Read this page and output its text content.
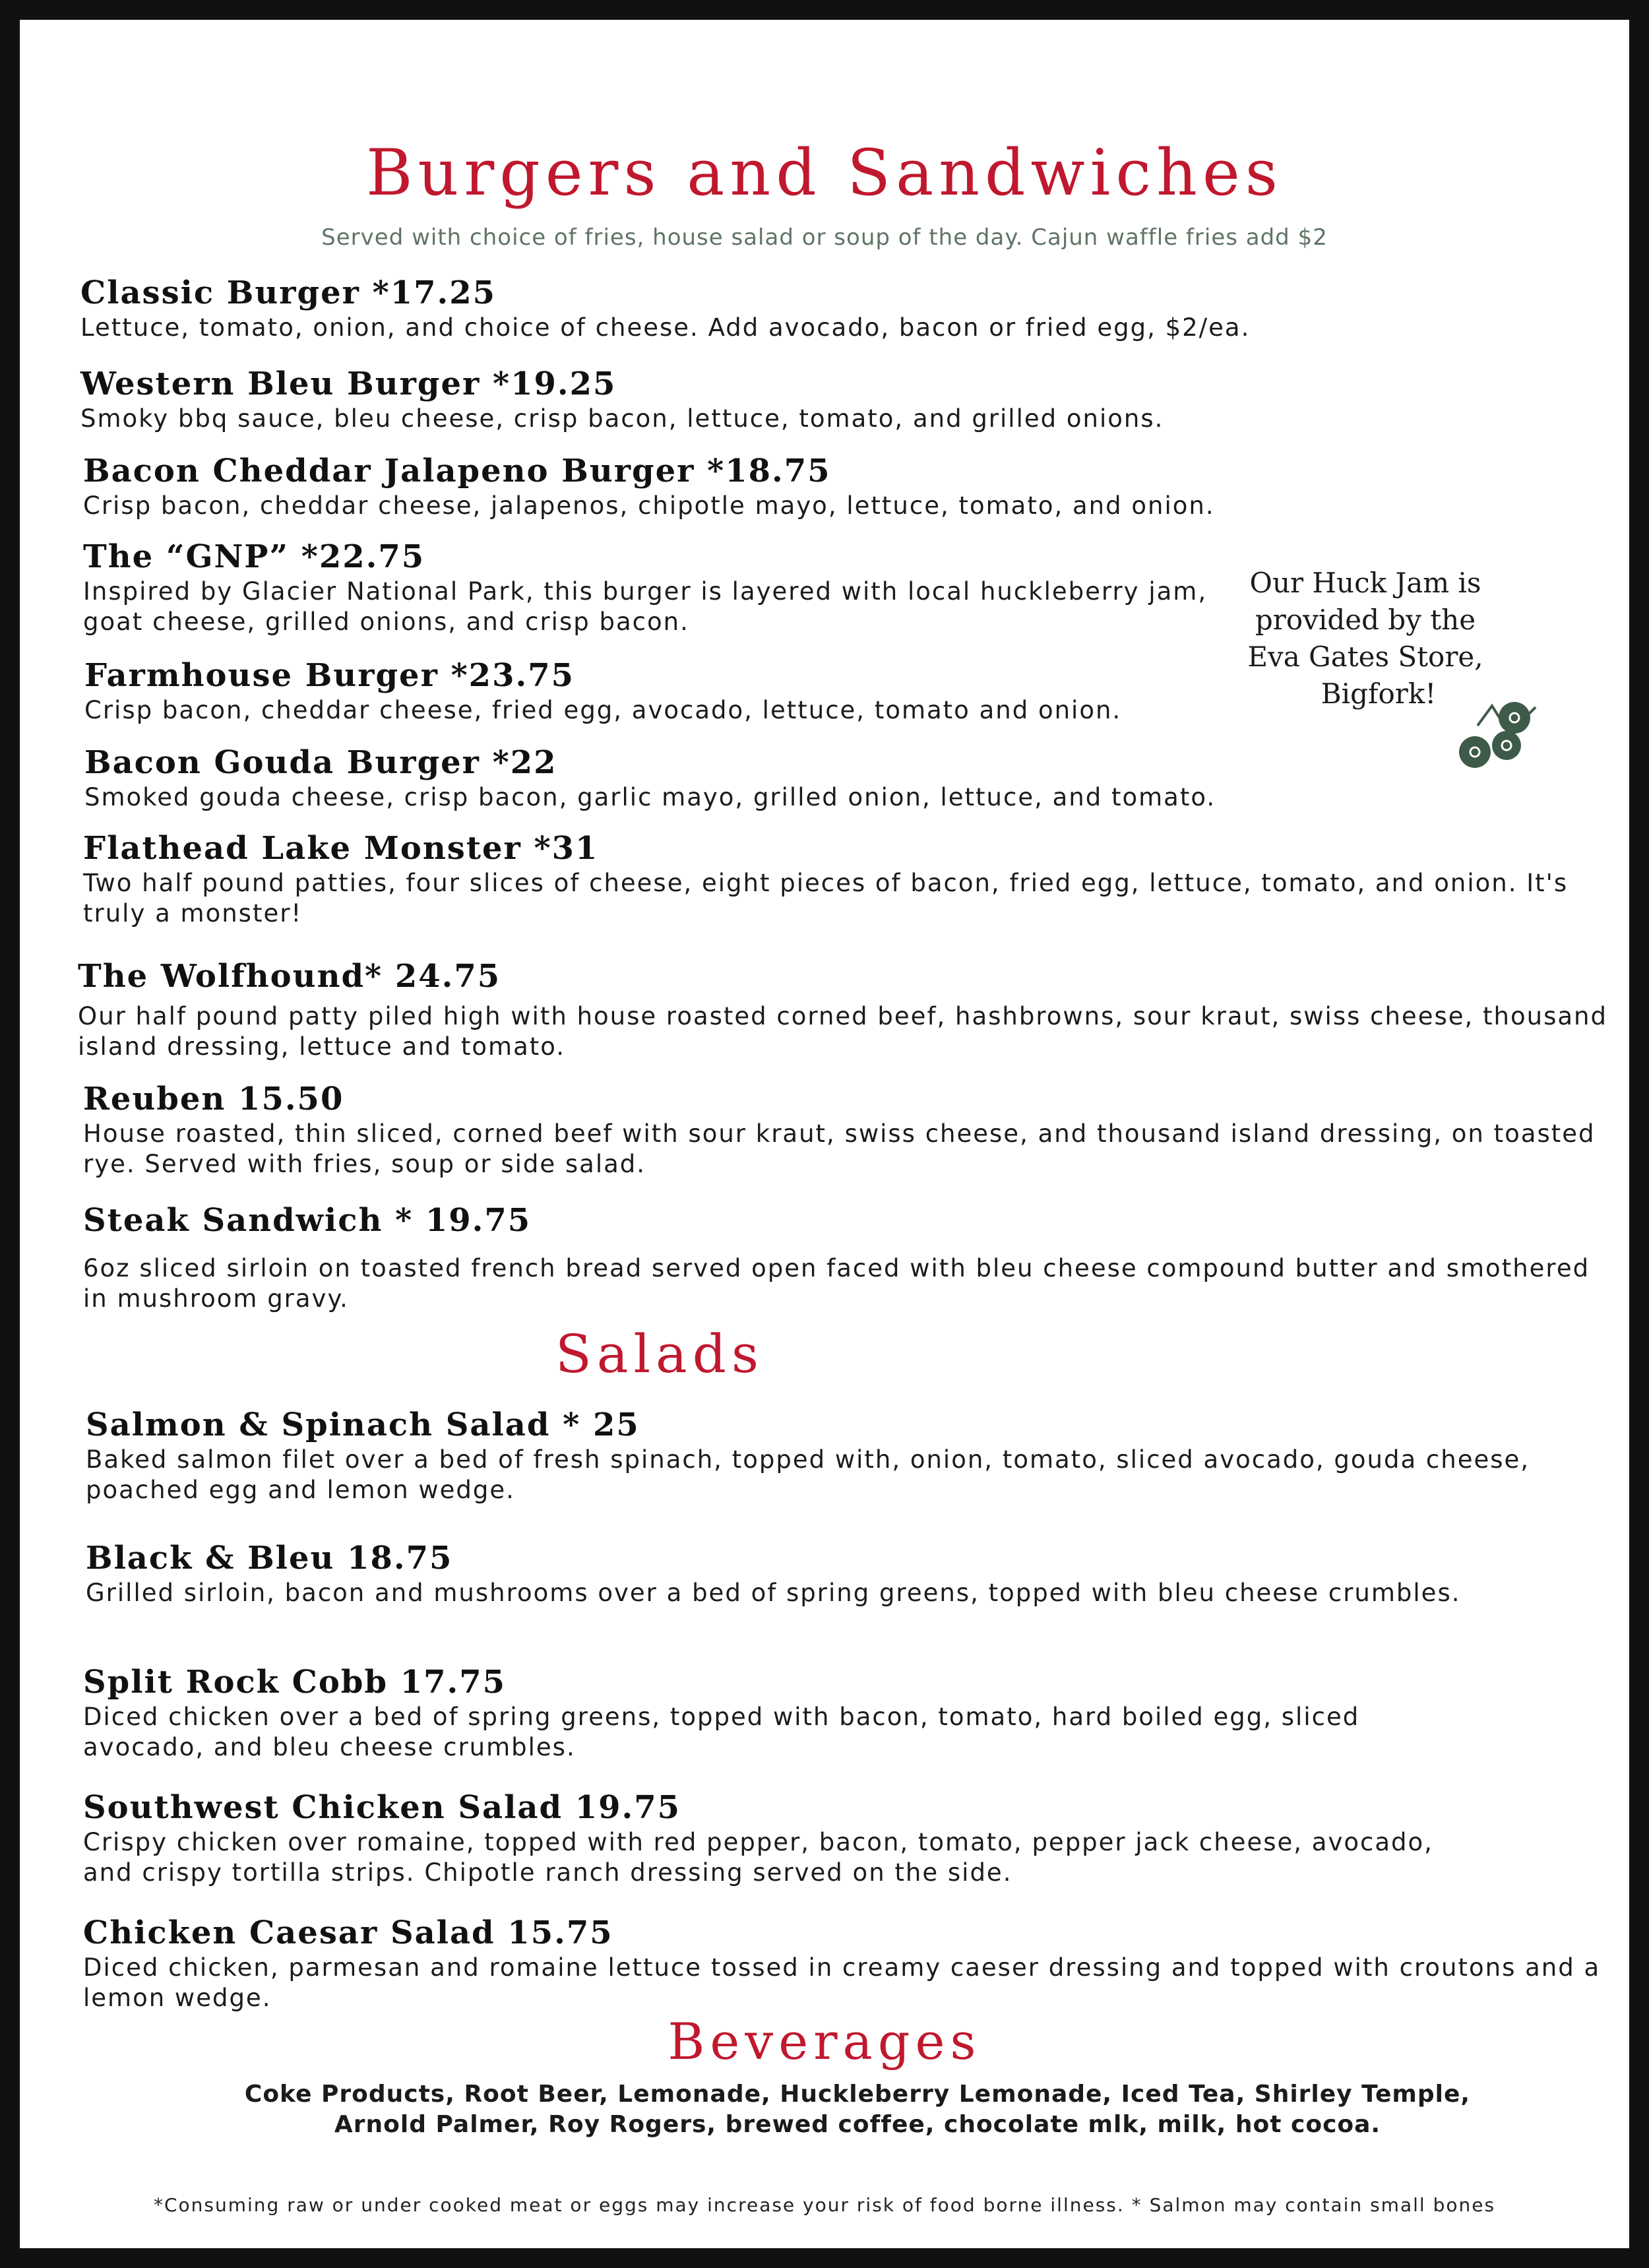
Burgers and Sandwiches
Served with choice of fries, house salad or soup of the day. Cajun waffle fries add $2
Classic Burger *17.25
Lettuce, tomato, onion, and choice of cheese. Add avocado, bacon or fried egg, $2/ea.
Western Bleu Burger *19.25
Smoky bbq sauce, bleu cheese, crisp bacon, lettuce, tomato, and grilled onions.
Bacon Cheddar Jalapeno Burger *18.75
Crisp bacon, cheddar cheese, jalapenos, chipotle mayo, lettuce, tomato, and onion.
The “GNP” *22.75
Inspired by Glacier National Park, this burger is layered with local huckleberry jam, goat cheese, grilled onions, and crisp bacon.
Farmhouse Burger *23.75
Crisp bacon, cheddar cheese, fried egg, avocado, lettuce, tomato and onion.
Bacon Gouda Burger *22
Smoked gouda cheese, crisp bacon, garlic mayo, grilled onion, lettuce, and tomato.
Flathead Lake Monster *31
Two half pound patties, four slices of cheese, eight pieces of bacon, fried egg, lettuce, tomato, and onion. It's truly a monster!
The Wolfhound* 24.75
Our half pound patty piled high with house roasted corned beef, hashbrowns, sour kraut, swiss cheese, thousand island dressing, lettuce and tomato.
Reuben 15.50
House roasted, thin sliced, corned beef with sour kraut, swiss cheese, and thousand island dressing, on toasted rye. Served with fries, soup or side salad.
Steak Sandwich * 19.75
6oz sliced sirloin on toasted french bread served open faced with bleu cheese compound butter and smothered in mushroom gravy.
Our Huck Jam is
provided by the
Eva Gates Store,
Bigfork!
Salads
Salmon & Spinach Salad * 25
Baked salmon filet over a bed of fresh spinach, topped with, onion, tomato, sliced avocado, gouda cheese, poached egg and lemon wedge.
Black & Bleu 18.75
Grilled sirloin, bacon and mushrooms over a bed of spring greens, topped with bleu cheese crumbles.
Split Rock Cobb 17.75
Diced chicken over a bed of spring greens, topped with bacon, tomato, hard boiled egg, sliced avocado, and bleu cheese crumbles.
Southwest Chicken Salad 19.75
Crispy chicken over romaine, topped with red pepper, bacon, tomato, pepper jack cheese, avocado, and crispy tortilla strips. Chipotle ranch dressing served on the side.
Chicken Caesar Salad 15.75
Diced chicken, parmesan and romaine lettuce tossed in creamy caeser dressing and topped with croutons and a lemon wedge.
Beverages
Coke Products, Root Beer, Lemonade, Huckleberry Lemonade, Iced Tea, Shirley Temple, Arnold Palmer, Roy Rogers, brewed coffee, chocolate mlk, milk, hot cocoa.
*Consuming raw or under cooked meat or eggs may increase your risk of food borne illness. * Salmon may contain small bones
